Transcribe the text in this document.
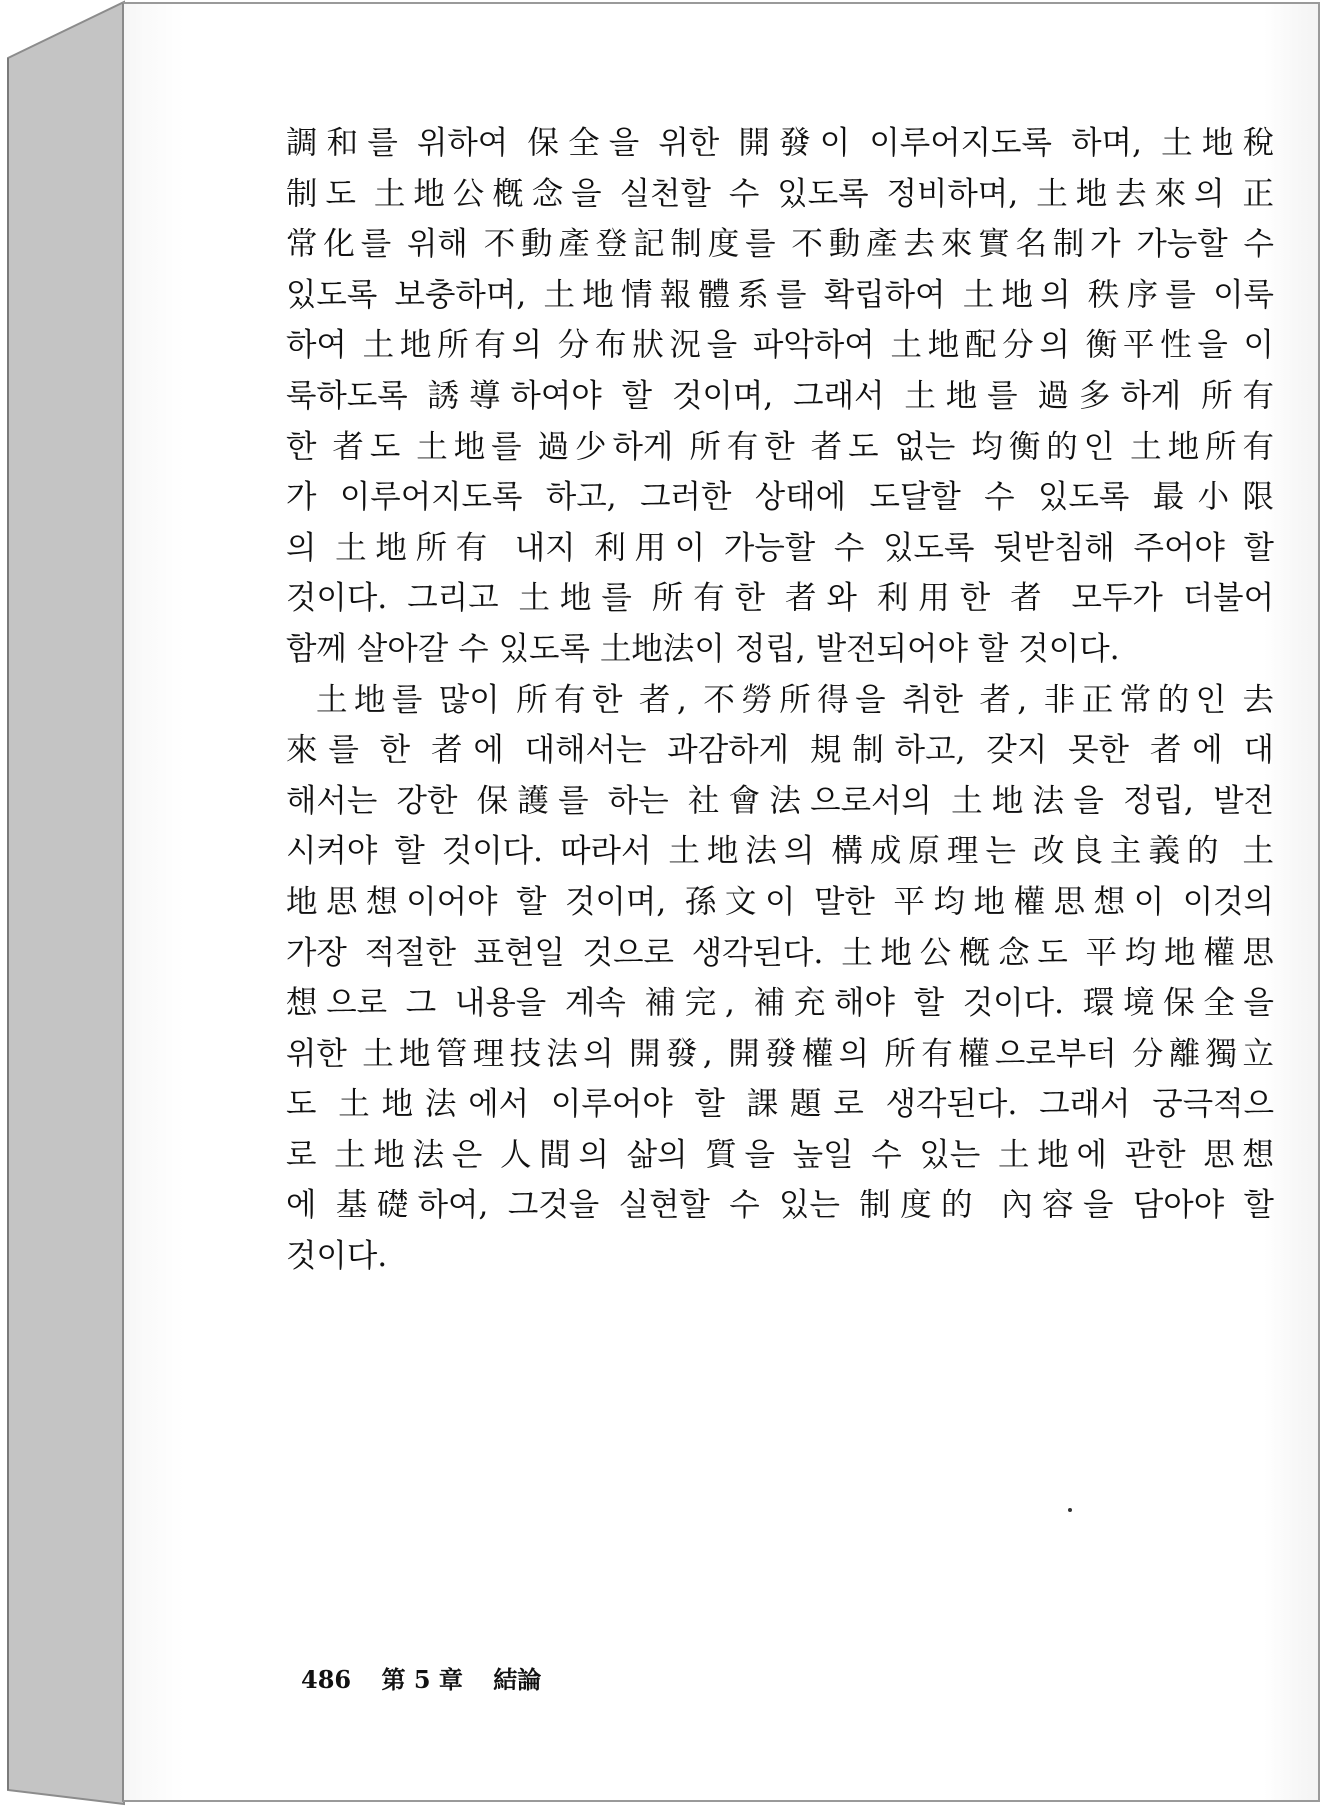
調和를 위하여 保全을 위한 開發이 이루어지도록 하며, 土地稅
制도 土地公槪念을 실천할 수 있도록 정비하며, 土地去來의 正
常化를 위해 不動產登記制度를 不動產去來實名制가 가능할 수
있도록 보충하며, 土地情報體系를 확립하여 土地의 秩序를 이룩
하여 土地所有의 分布狀況을 파악하여 土地配分의 衡平性을 이
룩하도록 誘導하여야 할 것이며, 그래서 土地를 過多하게 所有
한 者도 土地를 過少하게 所有한 者도 없는 均衡的인 土地所有
가 이루어지도록 하고, 그러한 상태에 도달할 수 있도록 最小限
의 土地所有 내지 利用이 가능할 수 있도록 뒷받침해 주어야 할
것이다. 그리고 土地를 所有한 者와 利用한 者 모두가 더불어
함께 살아갈 수 있도록 土地法이 정립, 발전되어야 할 것이다.

土地를 많이 所有한 者, 不勞所得을 취한 者, 非正常的인 去
來를 한 者에 대해서는 과감하게 規制하고, 갖지 못한 者에 대
해서는 강한 保護를 하는 社會法으로서의 土地法을 정립, 발전
시켜야 할 것이다. 따라서 土地法의 構成原理는 改良主義的 土
地思想이어야 할 것이며, 孫文이 말한 平均地權思想이 이것의
가장 적절한 표현일 것으로 생각된다. 土地公槪念도 平均地權思
想으로 그 내용을 계속 補完, 補充해야 할 것이다. 環境保全을
위한 土地管理技法의 開發, 開發權의 所有權으로부터 分離獨立
도 土地法에서 이루어야 할 課題로 생각된다. 그래서 궁극적으
로 土地法은 人間의 삶의 質을 높일 수 있는 土地에 관한 思想
에 基礎하여, 그것을 실현할 수 있는 制度的 內容을 담아야 할
것이다.

486 第 5 章 結論
